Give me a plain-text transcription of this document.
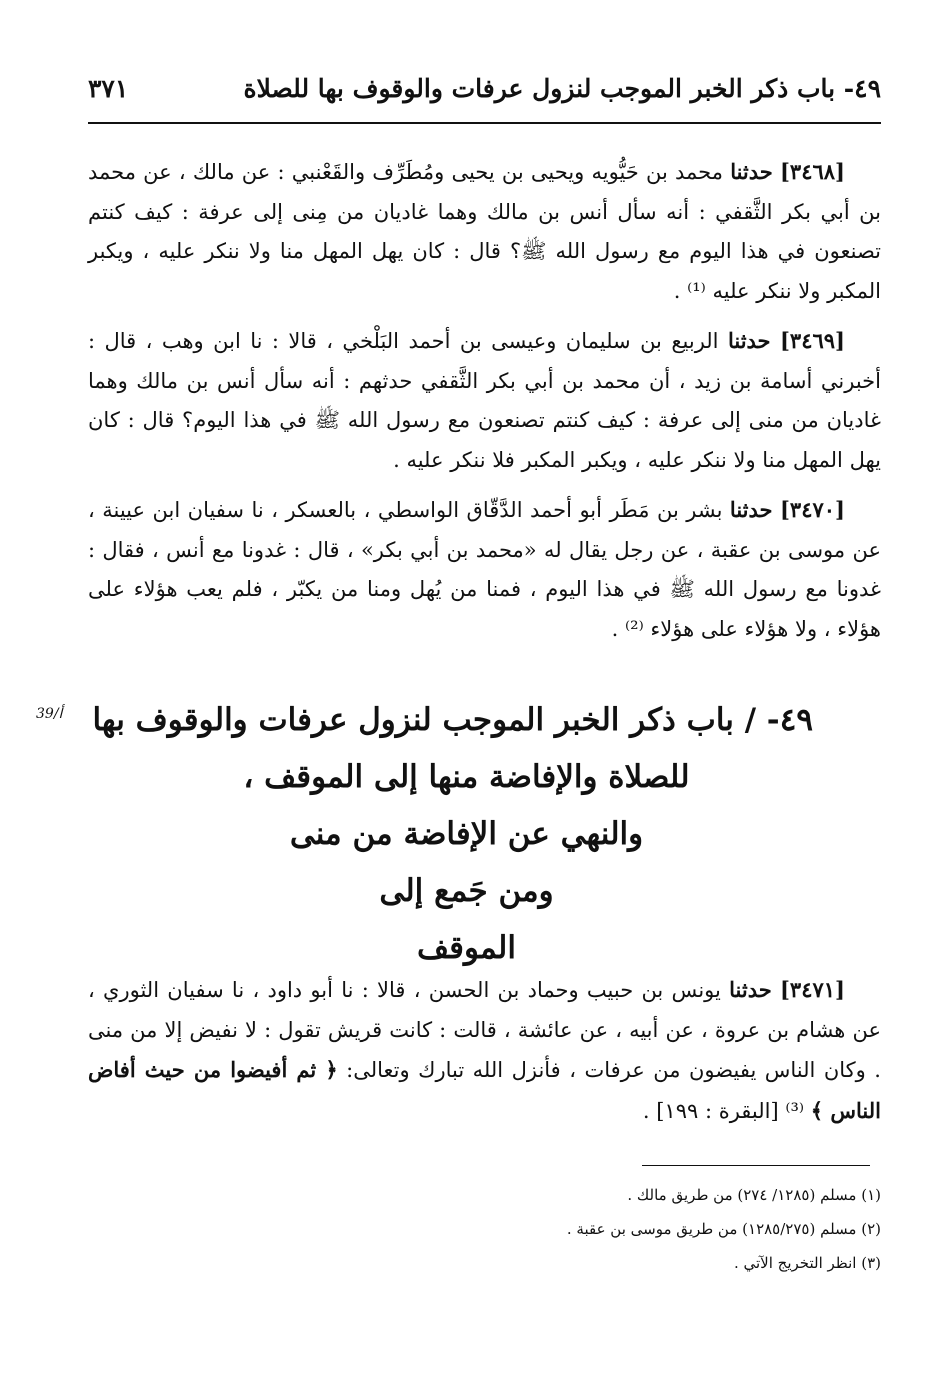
٤٩- باب ذكر الخبر الموجب لنزول عرفات والوقوف بها للصلاة
٣٧١

[٣٤٦٨] حدثنا محمد بن حَيُّويه ويحيى بن يحيى ومُطَرِّف والقَعْنبي : عن مالك ، عن محمد بن أبي بكر الثَّقفي : أنه سأل أنس بن مالك وهما غاديان من مِنى إلى عرفة : كيف كنتم تصنعون في هذا اليوم مع رسول الله ﷺ؟ قال : كان يهل المهل منا ولا ننكر عليه ، ويكبر المكبر ولا ننكر عليه ⁽¹⁾ .

[٣٤٦٩] حدثنا الربيع بن سليمان وعيسى بن أحمد البَلْخي ، قالا : نا ابن وهب ، قال : أخبرني أسامة بن زيد ، أن محمد بن أبي بكر الثَّقفي حدثهم : أنه سأل أنس بن مالك وهما غاديان من منى إلى عرفة : كيف كنتم تصنعون مع رسول الله ﷺ في هذا اليوم؟ قال : كان يهل المهل منا ولا ننكر عليه ، ويكبر المكبر فلا ننكر عليه .

[٣٤٧٠] حدثنا بشر بن مَطَر أبو أحمد الدَّقّاق الواسطي ، بالعسكر ، نا سفيان ابن عيينة ، عن موسى بن عقبة ، عن رجل يقال له «محمد بن أبي بكر» ، قال : غدونا مع أنس ، فقال : غدونا مع رسول الله ﷺ في هذا اليوم ، فمنا من يُهل ومنا من يكبّر ، فلم يعب هؤلاء على هؤلاء ، ولا هؤلاء على هؤلاء ⁽²⁾ .

39/أ ٤٩- / باب ذكر الخبر الموجب لنزول عرفات والوقوف بها
للصلاة والإفاضة منها إلى الموقف ،
والنهي عن الإفاضة من منى
ومن جَمع إلى
الموقف

[٣٤٧١] حدثنا يونس بن حبيب وحماد بن الحسن ، قالا : نا أبو داود ، نا سفيان الثوري ، عن هشام بن عروة ، عن أبيه ، عن عائشة ، قالت : كانت قريش تقول : لا نفيض إلا من منى . وكان الناس يفيضون من عرفات ، فأنزل الله تبارك وتعالى: ﴿ ثم أفيضوا من حيث أفاض الناس ﴾ ⁽³⁾ [البقرة : ١٩٩] .

(١) مسلم (١٢٨٥/ ٢٧٤) من طريق مالك .

(٢) مسلم (١٢٨٥/٢٧٥) من طريق موسى بن عقبة .

(٣) انظر التخريج الآتي .
